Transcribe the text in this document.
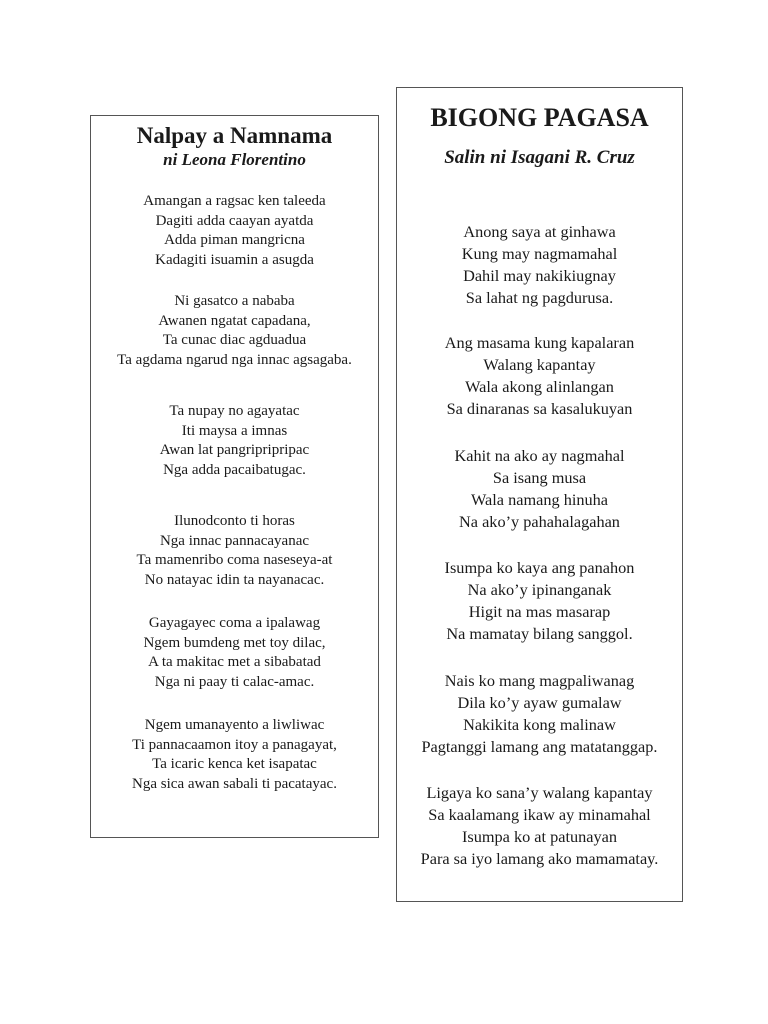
Nalpay a Namnama
ni Leona Florentino
Amangan a ragsac ken taleeda
Dagiti adda caayan ayatda
Adda piman mangricna
Kadagiti isuamin a asugda
Ni gasatco a nababa
Awanen ngatat capadana,
Ta cunac diac agduadua
Ta agdama ngarud nga innac agsagaba.
Ta nupay no agayatac
Iti maysa a imnas
Awan lat pangripripripac
Nga adda pacaibatugac.
Ilunodconto ti horas
Nga innac pannacayanac
Ta mamenribo coma naseseya-at
No natayac idin ta nayanacac.
Gayagayec coma a ipalawag
Ngem bumdeng met toy dilac,
A ta makitac met a sibabatad
Nga ni paay ti calac-amac.
Ngem umanayento a liwliwac
Ti pannacaamon itoy a panagayat,
Ta icaric kenca ket isapatac
Nga sica awan sabali ti pacatayac.
BIGONG PAGASA
Salin ni Isagani R. Cruz
Anong saya at ginhawa
Kung may nagmamahal
Dahil may nakikiugnay
Sa lahat ng pagdurusa.
Ang masama kung kapalaran
Walang kapantay
Wala akong alinlangan
Sa dinaranas sa kasalukuyan
Kahit na ako ay nagmahal
Sa isang musa
Wala namang hinuha
Na ako’y pahahalagahan
Isumpa ko kaya ang panahon
Na ako’y ipinanganak
Higit na mas masarap
Na mamatay bilang sanggol.
Nais ko mang magpaliwanag
Dila ko’y ayaw gumalaw
Nakikita kong malinaw
Pagtanggi lamang ang matatanggap.
Ligaya ko sana’y walang kapantay
Sa kaalamang ikaw ay minamahal
Isumpa ko at patunayan
Para sa iyo lamang ako mamamatay.
